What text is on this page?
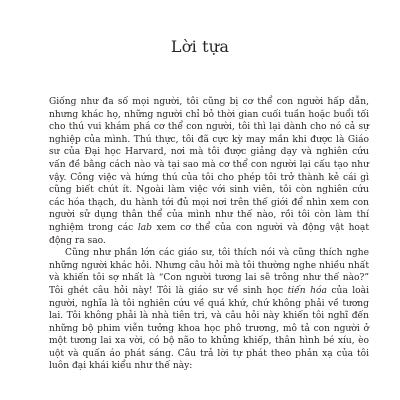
Lời tựa

Giống như đa số mọi người, tôi cũng bị cơ thể con người hấp dẫn, nhưng khác họ, những người chỉ bỏ thời gian cuối tuần hoặc buổi tối cho thú vui khám phá cơ thể con người, tôi thì lại dành cho nó cả sự nghiệp của mình. Thú thực, tôi đã cực kỳ may mắn khi được là Giáo sư của Đại học Harvard, nơi mà tôi được giảng dạy và nghiên cứu vấn đề bằng cách nào và tại sao mà cơ thể con người lại cấu tạo như vậy. Công việc và hứng thú của tôi cho phép tôi trở thành kẻ cái gì cũng biết chút ít. Ngoài làm việc với sinh viên, tôi còn nghiên cứu các hóa thạch, du hành tới đủ mọi nơi trên thế giới để nhìn xem con người sử dụng thân thể của mình như thế nào, rồi tôi còn làm thí nghiệm trong các lab xem cơ thể của con người và động vật hoạt động ra sao.

Cũng như phần lớn các giáo sư, tôi thích nói và cũng thích nghe những người khác hỏi. Nhưng câu hỏi mà tôi thường nghe nhiều nhất và khiến tôi sợ nhất là “Con người tương lai sẽ trông như thế nào?” Tôi ghét câu hỏi này! Tôi là giáo sư về sinh học tiến hóa của loài người, nghĩa là tôi nghiên cứu về quá khứ, chứ không phải về tương lai. Tôi không phải là nhà tiên tri, và câu hỏi này khiến tôi nghĩ đến những bộ phim viễn tưởng khoa học phô trương, mô tả con người ở một tương lai xa vời, có bộ não to khủng khiếp, thân hình bé xíu, èo uột và quấn áo phát sáng. Câu trả lời tự phát theo phản xạ của tôi luôn đại khái kiểu như thế này:
